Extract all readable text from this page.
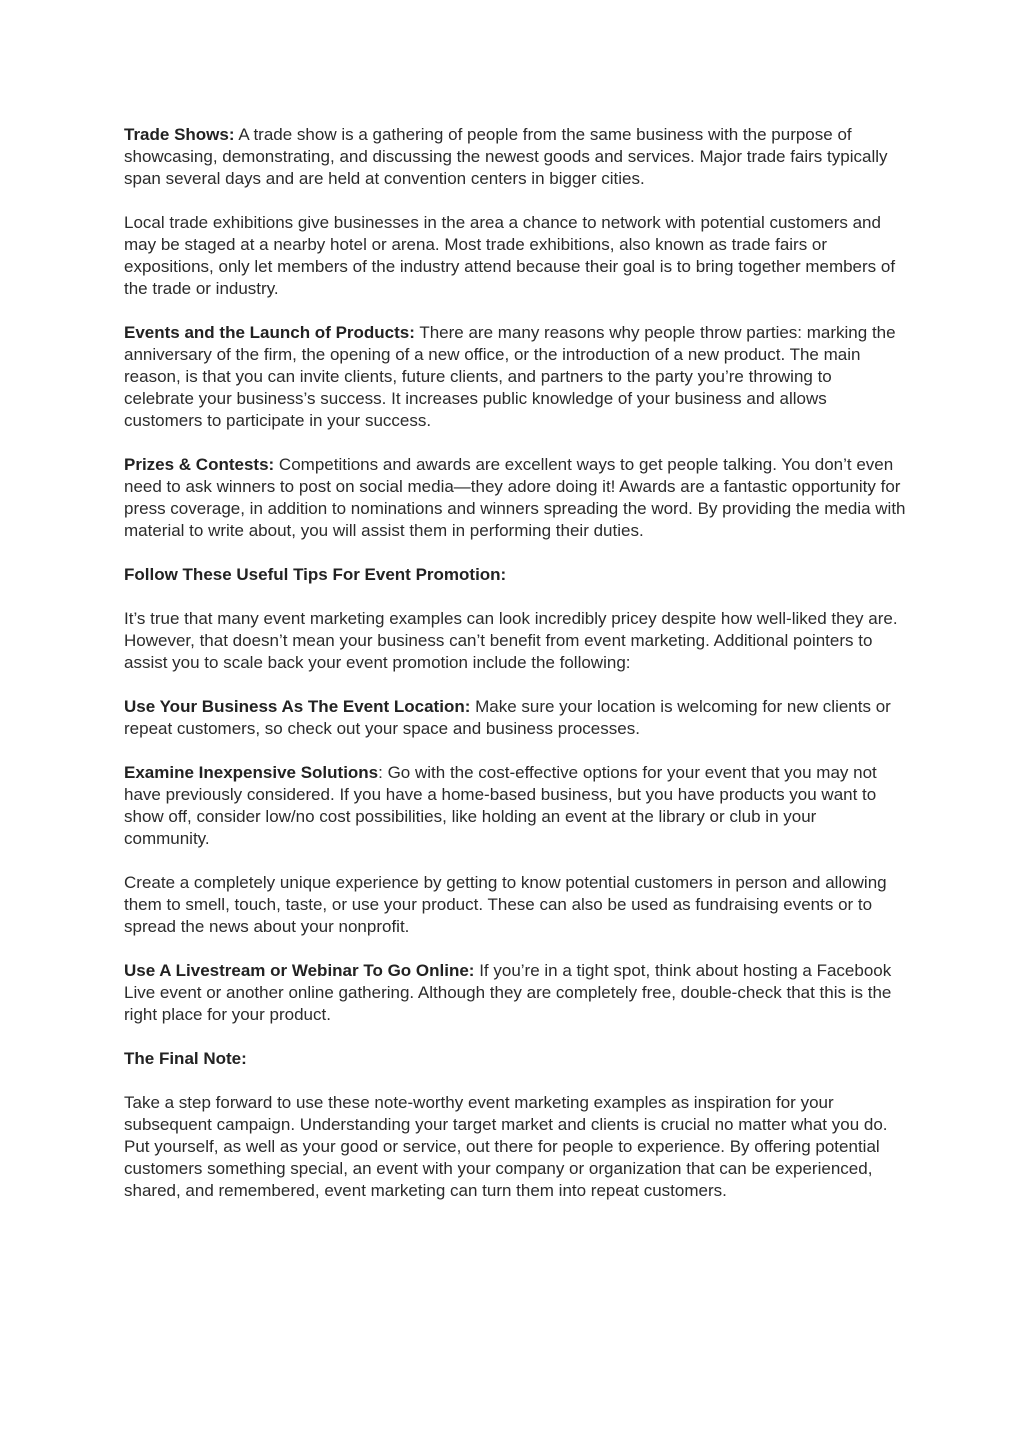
Trade Shows: A trade show is a gathering of people from the same business with the purpose of showcasing, demonstrating, and discussing the newest goods and services. Major trade fairs typically span several days and are held at convention centers in bigger cities.

Local trade exhibitions give businesses in the area a chance to network with potential customers and may be staged at a nearby hotel or arena. Most trade exhibitions, also known as trade fairs or expositions, only let members of the industry attend because their goal is to bring together members of the trade or industry.

Events and the Launch of Products: There are many reasons why people throw parties: marking the anniversary of the firm, the opening of a new office, or the introduction of a new product. The main reason, is that you can invite clients, future clients, and partners to the party you’re throwing to celebrate your business’s success. It increases public knowledge of your business and allows customers to participate in your success.

Prizes & Contests: Competitions and awards are excellent ways to get people talking. You don’t even need to ask winners to post on social media—they adore doing it! Awards are a fantastic opportunity for press coverage, in addition to nominations and winners spreading the word. By providing the media with material to write about, you will assist them in performing their duties.

Follow These Useful Tips For Event Promotion:

It’s true that many event marketing examples can look incredibly pricey despite how well-liked they are. However, that doesn’t mean your business can’t benefit from event marketing. Additional pointers to assist you to scale back your event promotion include the following:

Use Your Business As The Event Location: Make sure your location is welcoming for new clients or repeat customers, so check out your space and business processes.

Examine Inexpensive Solutions: Go with the cost-effective options for your event that you may not have previously considered. If you have a home-based business, but you have products you want to show off, consider low/no cost possibilities, like holding an event at the library or club in your community.

Create a completely unique experience by getting to know potential customers in person and allowing them to smell, touch, taste, or use your product. These can also be used as fundraising events or to spread the news about your nonprofit.

Use A Livestream or Webinar To Go Online: If you’re in a tight spot, think about hosting a Facebook Live event or another online gathering. Although they are completely free, double-check that this is the right place for your product.

The Final Note:

Take a step forward to use these note-worthy event marketing examples as inspiration for your subsequent campaign. Understanding your target market and clients is crucial no matter what you do. Put yourself, as well as your good or service, out there for people to experience. By offering potential customers something special, an event with your company or organization that can be experienced, shared, and remembered, event marketing can turn them into repeat customers.
